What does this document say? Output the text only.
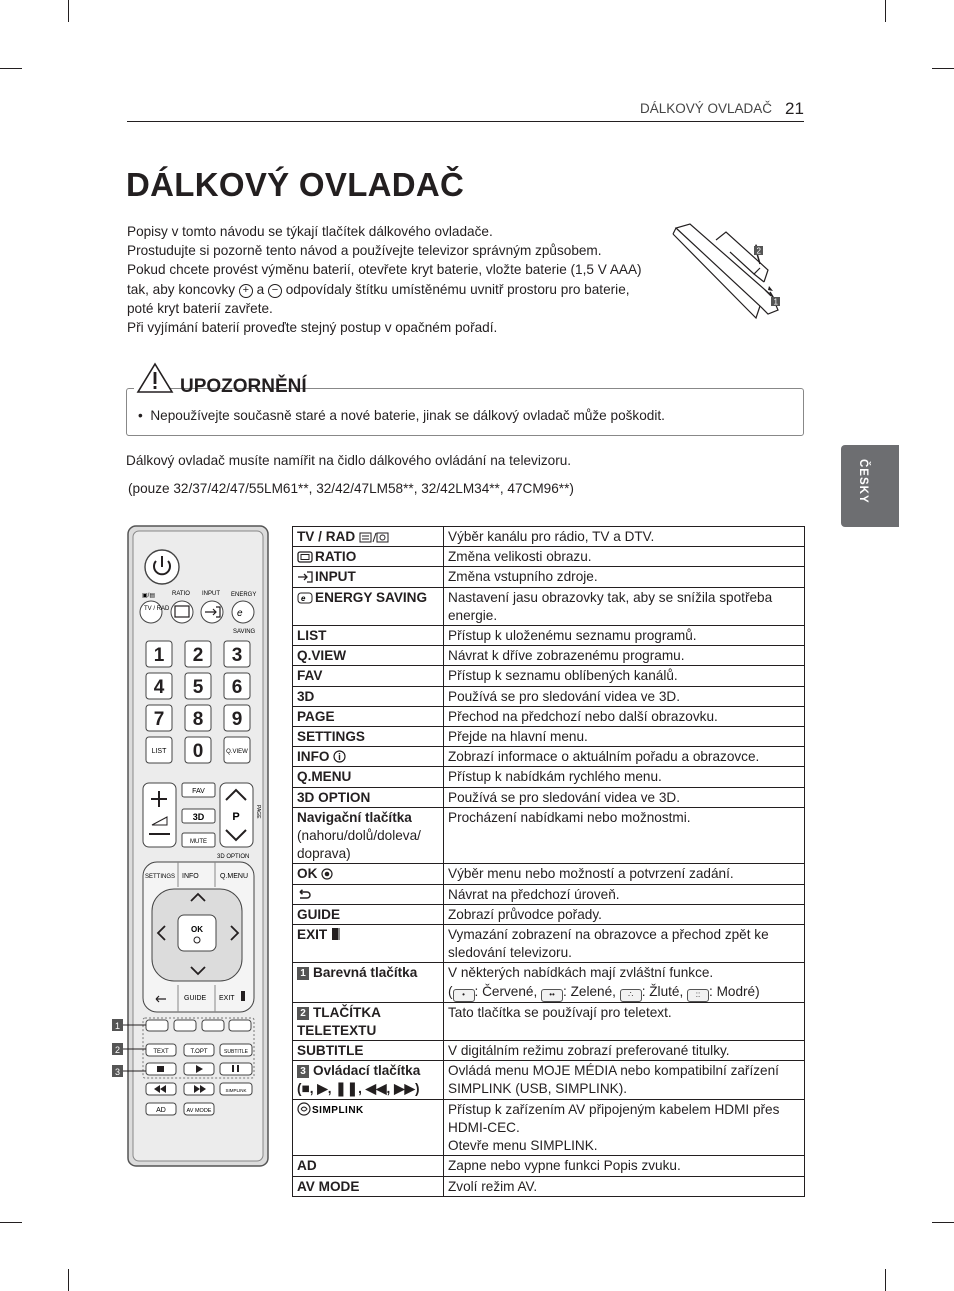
DÁLKOVÝ OVLADAČ 21
DÁLKOVÝ OVLADAČ

Popisy v tomto návodu se týkají tlačítek dálkového ovladače.

Prostudujte si pozorně tento návod a používejte televizor správným způsobem.

Pokud chcete provést výměnu baterií, otevřete kryt baterie, vložte baterie (1,5 V AAA)

tak, aby koncovky + a − odpovídaly štítku umístěnému uvnitř prostoru pro baterie,

poté kryt baterií zavřete.

Při vyjímání baterií proveďte stejný postup v opačném pořadí.

2
1
ČESKY
UPOZORNĚNÍ
•  Nepoužívejte současně staré a nové baterie, jinak se dálkový ovladač může poškodit.
Dálkový ovladač musíte namířit na čidlo dálkového ovládání na televizoru.
(pouze 32/37/42/47/55LM61**, 32/42/47LM58**, 32/42LM34**, 47CM96**)
▣/▤	RATIO INPUT ENERGY
TV / RAD	e
SAVING
1 2 3
4 5 6
7 8 9
0
LIST	Q.VIEW
FAV
3D
MUTE
P	PAGE
3D OPTION
SETTINGS INFO	Q.MENU
OK
GUIDE EXIT
TEXT	T.OPT	SUBTITLE
SIMPLINK
AD	AV MODE
1
2
3
TV / RAD	Výběr kanálu pro rádio, TV a DTV.
RATIO	Změna velikosti obrazu.
INPUT	Změna vstupního zdroje.

e ENERGY SAVING	Nastavení jasu obrazovky tak, aby se snížila spotřeba energie.
LIST	Přístup k uloženému seznamu programů.
Q.VIEW	Návrat k dříve zobrazenému programu.
FAV	Přístup k seznamu oblíbených kanálů.
3D	Používá se pro sledování videa ve 3D.
PAGE	Přechod na předchozí nebo další obrazovku.
SETTINGS	Přejde na hlavní menu.
INFO	Zobrazí informace o aktuálním pořadu a obrazovce.
Q.MENU	Přístup k nabídkám rychlého menu.
3D OPTION	Používá se pro sledování videa ve 3D.
Navigační tlačítka
(nahoru/dolů/doleva/ doprava)	Procházení nabídkami nebo možnostmi.
OK	Výběr menu nebo možností a potvrzení zadání.
	Návrat na předchozí úroveň.
GUIDE	Zobrazí průvodce pořady.
EXIT	Vymazání zobrazení na obrazovce a přechod zpět ke sledování televizoru.
1 Barevná tlačítka	V některých nabídkách mají zvláštní funkce.
( • : Červené, •• : Zelené, ∴ : Žluté, :: : Modré)
2 TLAČÍTKA TELETEXTU	Tato tlačítka se používají pro teletext.
SUBTITLE	V digitálním režimu zobrazí preferované titulky.
3 Ovládací tlačítka
(■, ▶, ❚❚, ◀◀, ▶▶)	Ovládá menu MOJE MÉDIA nebo kompatibilní zařízení SIMPLINK (USB, SIMPLINK).

SIMPLINK	Přístup k zařízením AV připojeným kabelem HDMI přes HDMI-CEC.
Otevře menu SIMPLINK.
AD	Zapne nebo vypne funkci Popis zvuku.
AV MODE	Zvolí režim AV.
